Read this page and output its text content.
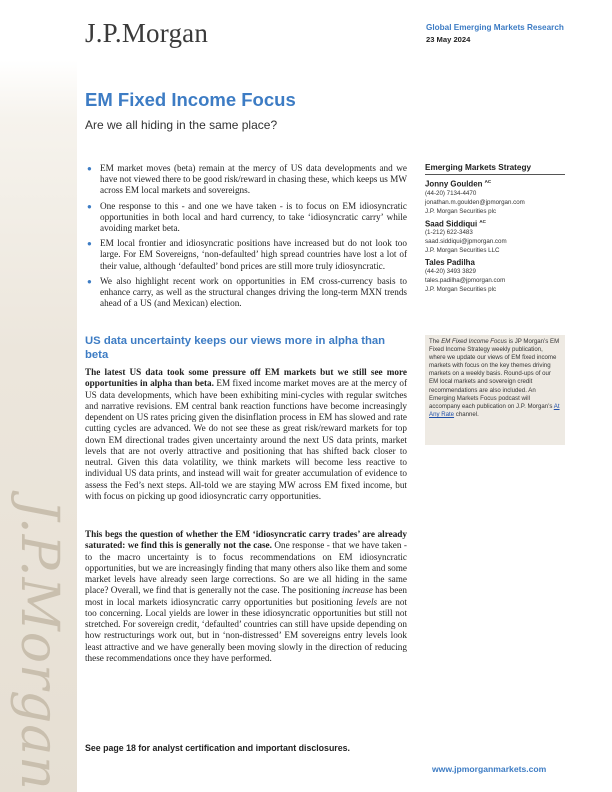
J.P.Morgan
J.P.Morgan	Global Emerging Markets Research
23 May 2024
EM Fixed Income Focus
Are we all hiding in the same place?
● EM market moves (beta) remain at the mercy of US data developments and we have not viewed there to be good risk/reward in chasing these, which keeps us MW across EM local markets and sovereigns.

● One response to this - and one we have taken - is to focus on EM idiosyncratic opportunities in both local and hard currency, to take ‘idiosyncratic carry’ while avoiding market beta.

● EM local frontier and idiosyncratic positions have increased but do not look too large. For EM Sovereigns, ‘non-defaulted’ high spread countries have lost a lot of their value, although ‘defaulted’ bond prices are still more truly idiosyncratic.

● We also highlight recent work on opportunities in EM cross-currency basis to enhance carry, as well as the structural changes driving the long-term MXN trends ahead of a US (and Mexican) election.

US data uncertainty keeps our views more in alpha than beta

The latest US data took some pressure off EM markets but we still see more opportunities in alpha than beta. EM fixed income market moves are at the mercy of US data developments, which have been exhibiting mini-cycles with regular switches and narrative revisions. EM central bank reaction functions have become increasingly dependent on US rates pricing given the disinflation process in EM has slowed and rate cutting cycles are advanced. We do not see these as great risk/reward markets for top down EM directional trades given uncertainty around the next US data prints, market levels that are not overly attractive and positioning that has shifted back closer to neutral. Given this data volatility, we think markets will become less reactive to individual US data prints, and instead will wait for greater accumulation of evidence to assess the Fed’s next steps. All-told we are staying MW across EM fixed income, but with focus on picking up good idiosyncratic carry opportunities.

This begs the question of whether the EM ‘idiosyncratic carry trades’ are already saturated: we find this is generally not the case. One response - that we have taken - to the macro uncertainty is to focus recommendations on EM idiosyncratic opportunities, but we are increasingly finding that many others also like them and some market levels have already seen large corrections. So are we all hiding in the same place? Overall, we find that is generally not the case. The positioning increase has been most in local markets idiosyncratic carry opportunities but positioning levels are not too concerning. Local yields are lower in these idiosyncratic opportunities but still not stretched. For sovereign credit, ‘defaulted’ countries can still have upside depending on how restructurings work out, but in ‘non-distressed’ EM sovereigns entry levels look least attractive and we have generally been moving slowly in the direction of reducing these recommendations once they have performed.

Emerging Markets Strategy
Jonny Goulden $^{AC}$
(44-20) 7134-4470
jonathan.m.goulden@jpmorgan.com
J.P. Morgan Securities plc
Saad Siddiqui $^{AC}$
(1-212) 622-3483
saad.siddiqui@jpmorgan.com
J.P. Morgan Securities LLC
Tales Padilha
(44-20) 3493 3829
tales.padilha@jpmorgan.com
J.P. Morgan Securities plc
The EM Fixed Income Focus is JP Morgan’s EM Fixed Income Strategy weekly publication, where we update our views of EM fixed income markets with focus on the key themes driving markets on a weekly basis. Round-ups of our EM local markets and sovereign credit recommendations are also included. An Emerging Markets Focus podcast will accompany each publication on J.P. Morgan’s At Any Rate channel.
See page 18 for analyst certification and important disclosures.
www.jpmorganmarkets.com
